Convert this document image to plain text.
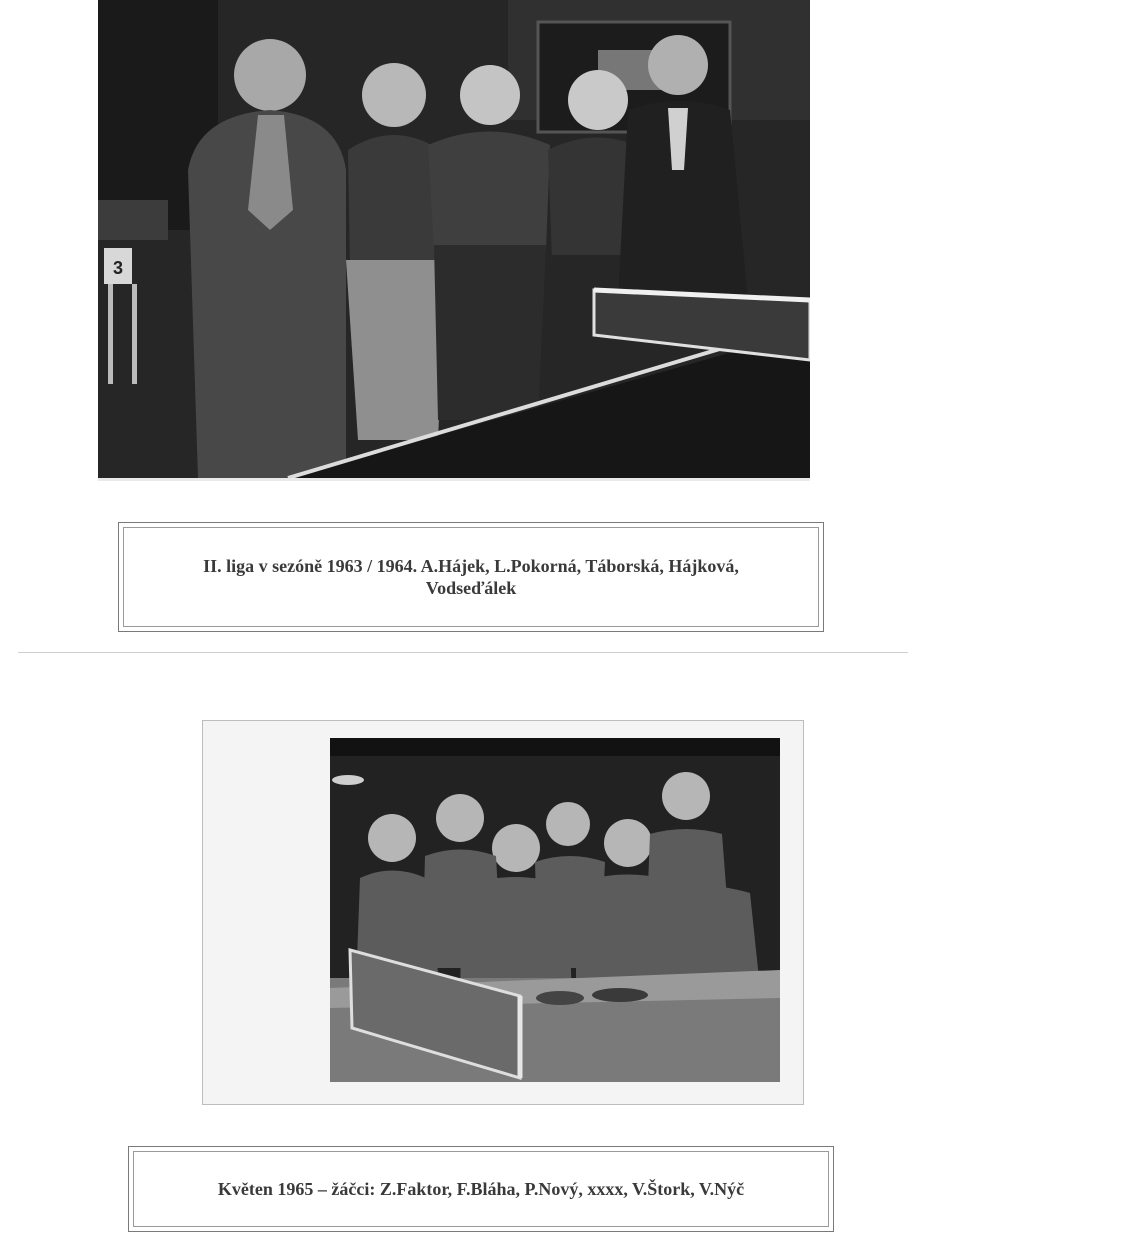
3
II. liga v sezóně 1963 / 1964. A.Hájek, L.Pokorná, Táborská, Hájková,
Vodseďálek
Květen 1965 – žáčci: Z.Faktor, F.Bláha, P.Nový, xxxx, V.Štork, V.Nýč
